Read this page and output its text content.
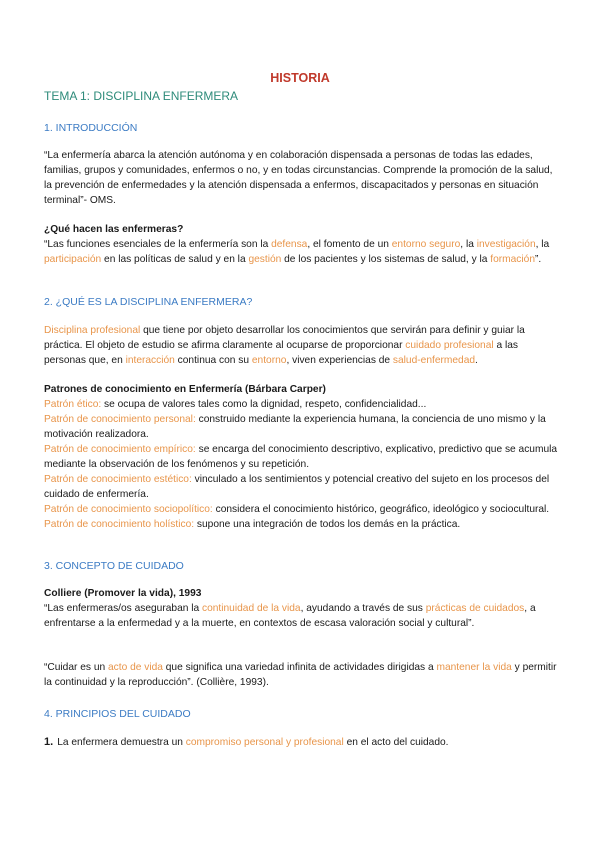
HISTORIA
TEMA 1: DISCIPLINA ENFERMERA
1. INTRODUCCIÓN

“La enfermería abarca la atención autónoma y en colaboración dispensada a personas de todas las edades, familias, grupos y comunidades, enfermos o no, y en todas circunstancias. Comprende la promoción de la salud, la prevención de enfermedades y la atención dispensada a enfermos, discapacitados y personas en situación terminal”- OMS.

¿Qué hacen las enfermeras?

“Las funciones esenciales de la enfermería son la defensa, el fomento de un entorno seguro, la investigación, la participación en las políticas de salud y en la gestión de los pacientes y los sistemas de salud, y la formación”.

2. ¿QUÉ ES LA DISCIPLINA ENFERMERA?

Disciplina profesional que tiene por objeto desarrollar los conocimientos que servirán para definir y guiar la práctica. El objeto de estudio se afirma claramente al ocuparse de proporcionar cuidado profesional a las personas que, en interacción continua con su entorno, viven experiencias de salud-enfermedad.

Patrones de conocimiento en Enfermería (Bárbara Carper)

Patrón ético: se ocupa de valores tales como la dignidad, respeto, confidencialidad...

Patrón de conocimiento personal: construido mediante la experiencia humana, la conciencia de uno mismo y la motivación realizadora.

Patrón de conocimiento empírico: se encarga del conocimiento descriptivo, explicativo, predictivo que se acumula mediante la observación de los fenómenos y su repetición.

Patrón de conocimiento estético: vinculado a los sentimientos y potencial creativo del sujeto en los procesos del cuidado de enfermería.

Patrón de conocimiento sociopolítico: considera el conocimiento histórico, geográfico, ideológico y sociocultural.

Patrón de conocimiento holístico: supone una integración de todos los demás en la práctica.

3. CONCEPTO DE CUIDADO

Colliere (Promover la vida), 1993

“Las enfermeras/os aseguraban la continuidad de la vida, ayudando a través de sus prácticas de cuidados, a enfrentarse a la enfermedad y a la muerte, en contextos de escasa valoración social y cultural”.

“Cuidar es un acto de vida que significa una variedad infinita de actividades dirigidas a mantener la vida y permitir la continuidad y la reproducción”. (Collière, 1993).

4. PRINCIPIOS DEL CUIDADO

1. La enfermera demuestra un compromiso personal y profesional en el acto del cuidado.
